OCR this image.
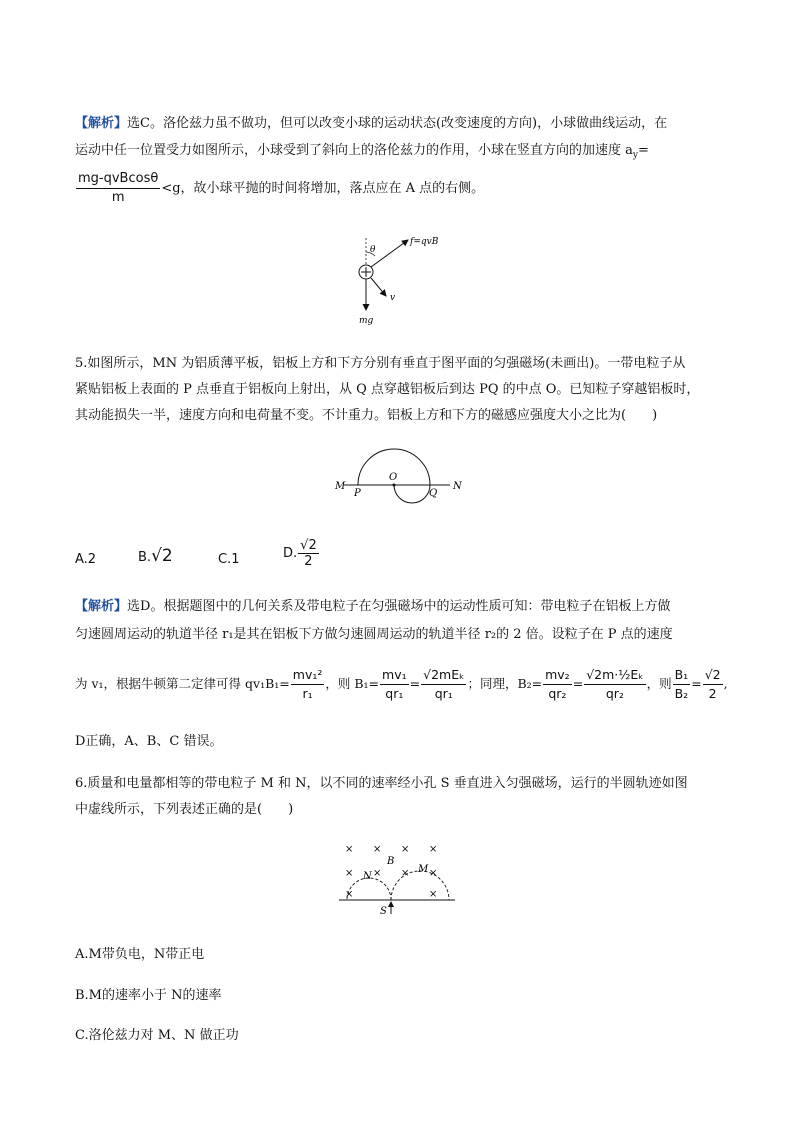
【解析】选C。洛伦兹力虽不做功，但可以改变小球的运动状态(改变速度的方向)，小球做曲线运动，在
运动中任一位置受力如图所示，小球受到了斜向上的洛伦兹力的作用，小球在竖直方向的加速度 $a_y=$
$\frac{\text{mg-qvBcosθ}}{m} <g$，故小球平抛的时间将增加，落点应在 A 点的右侧。
θ
f=qvB
v
mg
5.如图所示，MN 为铝质薄平板，铝板上方和下方分别有垂直于图平面的匀强磁场(未画出)。一带电粒子从
紧贴铝板上表面的 P 点垂直于铝板向上射出，从 Q 点穿越铝板后到达 PQ 的中点 O。已知粒子穿越铝板时，
其动能损失一半，速度方向和电荷量不变。不计重力。铝板上方和下方的磁感应强度大小之比为(　　)
M
P
O
Q
N
A.2	B.√2	C.1	D. $\frac{√2}{2}$
【解析】选D。根据题图中的几何关系及带电粒子在匀强磁场中的运动性质可知：带电粒子在铝板上方做
匀速圆周运动的轨道半径 r₁是其在铝板下方做匀速圆周运动的轨道半径 r₂的 2 倍。设粒子在 P 点的速度
为 v₁，根据牛顿第二定律可得 $qv_1B_1= \frac{\text{mv₁²}}{\text{r₁}}$ ，则 $B_1= \frac{\text{mv₁}}{\text{qr₁}} = \frac{\text{√2mEₖ}}{\text{qr₁}}$ ；同理，$B_2= \frac{\text{mv₂}}{\text{qr₂}} = \frac{\text{√2m·½Eₖ}}{\text{qr₂}}$ ，则 $\frac{\text{B₁}}{\text{B₂}} = \frac{√2}{2}$ ,
D正确，A、B、C 错误。
6.质量和电量都相等的带电粒子 M 和 N，以不同的速率经小孔 S 垂直进入匀强磁场，运行的半圆轨迹如图
中虚线所示，下列表述正确的是(　　)
× × × ×
× × × ×
×	×
B
N
M
S
A.M带负电，N带正电
B.M的速率小于 N的速率
C.洛伦兹力对 M、N 做正功
